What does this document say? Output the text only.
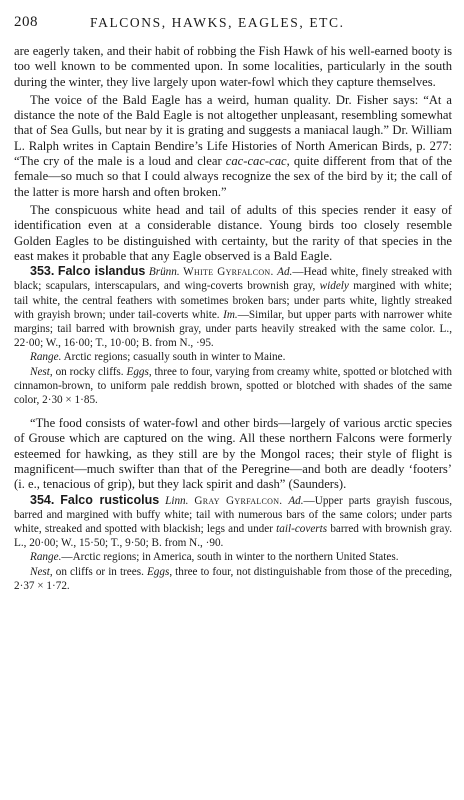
208	FALCONS, HAWKS, EAGLES, ETC.

are eagerly taken, and their habit of robbing the Fish Hawk of his well-earned booty is too well known to be commented upon. In some localities, particularly in the south during the winter, they live largely upon water-fowl which they capture themselves.

The voice of the Bald Eagle has a weird, human quality. Dr. Fisher says: “At a distance the note of the Bald Eagle is not altogether unpleasant, resembling somewhat that of Sea Gulls, but near by it is grating and suggests a maniacal laugh.” Dr. William L. Ralph writes in Captain Bendire’s Life Histories of North American Birds, p. 277: “The cry of the male is a loud and clear cac-cac-cac, quite different from that of the female—so much so that I could always recognize the sex of the bird by it; the call of the latter is more harsh and often broken.”

The conspicuous white head and tail of adults of this species render it easy of identification even at a considerable distance. Young birds too closely resemble Golden Eagles to be distinguished with certainty, but the rarity of that species in the east makes it probable that any Eagle observed is a Bald Eagle.

353. Falco islandus Brünn. White Gyrfalcon. Ad.—Head white, finely streaked with black; scapulars, interscapulars, and wing-coverts brownish gray, widely margined with white; tail white, the central feathers with sometimes broken bars; under parts white, lightly streaked with grayish brown; under tail-coverts white. Im.—Similar, but upper parts with narrower white margins; tail barred with brownish gray, under parts heavily streaked with the same color. L., 22·00; W., 16·00; T., 10·00; B. from N., ·95.

Range. Arctic regions; casually south in winter to Maine.

Nest, on rocky cliffs. Eggs, three to four, varying from creamy white, spotted or blotched with cinnamon-brown, to uniform pale reddish brown, spotted or blotched with shades of the same color, 2·30 × 1·85.

“The food consists of water-fowl and other birds—largely of various arctic species of Grouse which are captured on the wing. All these northern Falcons were formerly esteemed for hawking, as they still are by the Mongol races; their style of flight is magnificent—much swifter than that of the Peregrine—and both are deadly ‘footers’ (i. e., tenacious of grip), but they lack spirit and dash” (Saunders).

354. Falco rusticolus Linn. Gray Gyrfalcon. Ad.—Upper parts grayish fuscous, barred and margined with buffy white; tail with numerous bars of the same colors; under parts white, streaked and spotted with blackish; legs and under tail-coverts barred with brownish gray. L., 20·00; W., 15·50; T., 9·50; B. from N., ·90.

Range.—Arctic regions; in America, south in winter to the northern United States.

Nest, on cliffs or in trees. Eggs, three to four, not distinguishable from those of the preceding, 2·37 × 1·72.
